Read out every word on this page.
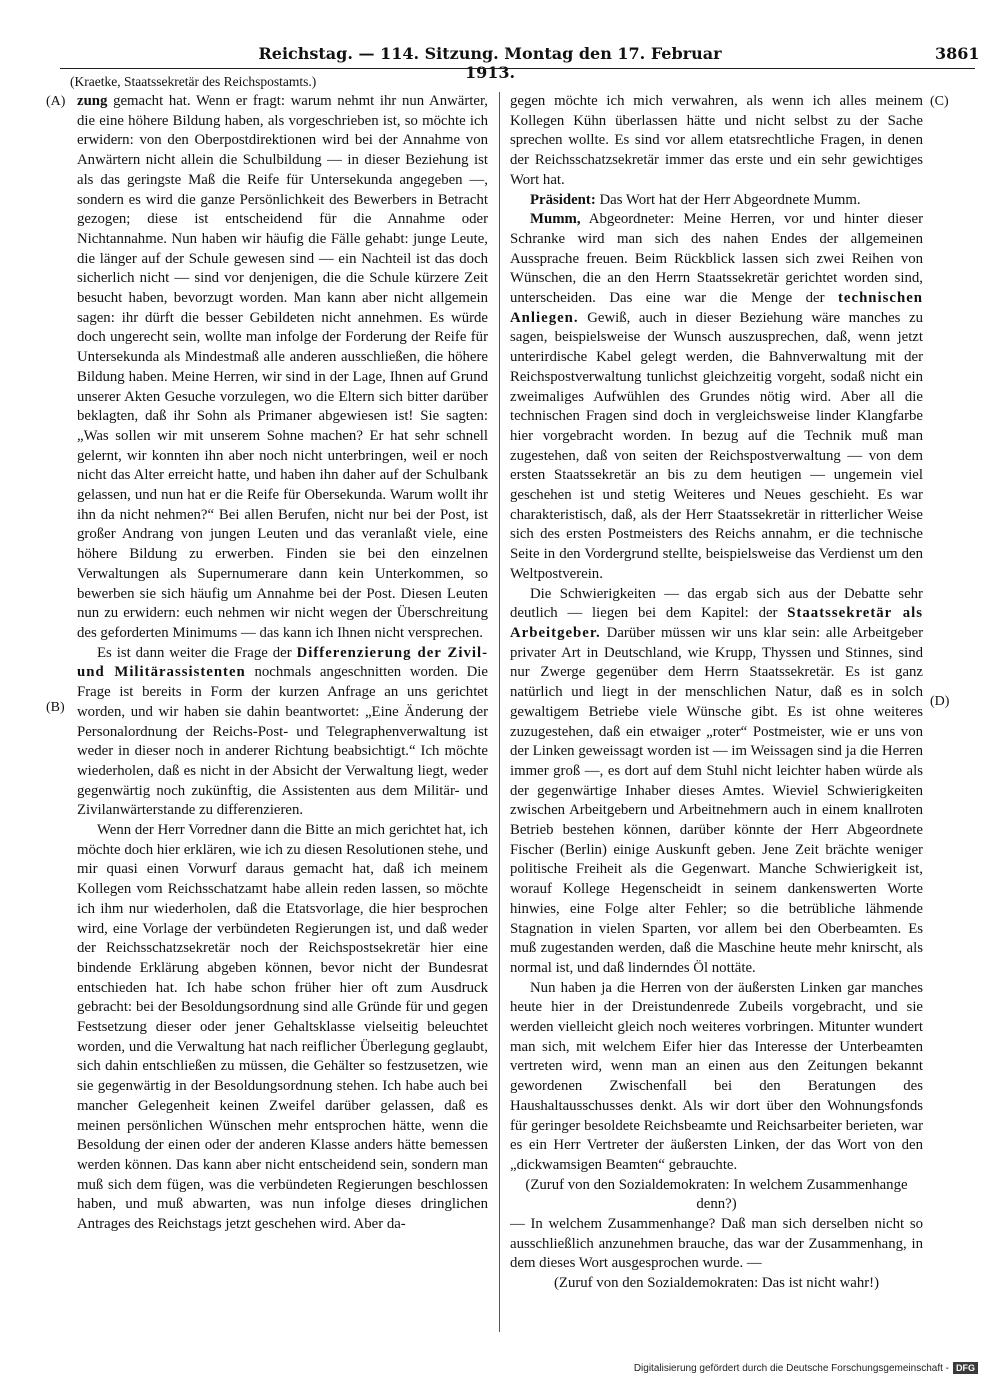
Reichstag. — 114. Sitzung. Montag den 17. Februar 1913.
3861
(Kraetke, Staatssekretär des Reichspostamts.)
(A)
(B)
(C)
(D)

zung gemacht hat. Wenn er fragt: warum nehmt ihr nun Anwärter, die eine höhere Bildung haben, als vorgeschrieben ist, so möchte ich erwidern: von den Oberpostdirektionen wird bei der Annahme von Anwärtern nicht allein die Schulbildung — in dieser Beziehung ist als das geringste Maß die Reife für Untersekunda angegeben —, sondern es wird die ganze Persönlichkeit des Bewerbers in Betracht gezogen; diese ist entscheidend für die Annahme oder Nichtannahme. Nun haben wir häufig die Fälle gehabt: junge Leute, die länger auf der Schule gewesen sind — ein Nachteil ist das doch sicherlich nicht — sind vor denjenigen, die die Schule kürzere Zeit besucht haben, bevorzugt worden. Man kann aber nicht allgemein sagen: ihr dürft die besser Gebildeten nicht annehmen. Es würde doch ungerecht sein, wollte man infolge der Forderung der Reife für Untersekunda als Mindestmaß alle anderen ausschließen, die höhere Bildung haben. Meine Herren, wir sind in der Lage, Ihnen auf Grund unserer Akten Gesuche vorzulegen, wo die Eltern sich bitter darüber beklagten, daß ihr Sohn als Primaner abgewiesen ist! Sie sagten: „Was sollen wir mit unserem Sohne machen? Er hat sehr schnell gelernt, wir konnten ihn aber noch nicht unterbringen, weil er noch nicht das Alter erreicht hatte, und haben ihn daher auf der Schulbank gelassen, und nun hat er die Reife für Obersekunda. Warum wollt ihr ihn da nicht nehmen?“ Bei allen Berufen, nicht nur bei der Post, ist großer Andrang von jungen Leuten und das veranlaßt viele, eine höhere Bildung zu erwerben. Finden sie bei den einzelnen Verwaltungen als Supernumerare dann kein Unterkommen, so bewerben sie sich häufig um Annahme bei der Post. Diesen Leuten nun zu erwidern: euch nehmen wir nicht wegen der Überschreitung des geforderten Minimums — das kann ich Ihnen nicht versprechen.

Es ist dann weiter die Frage der Differenzierung der Zivil- und Militärassistenten nochmals angeschnitten worden. Die Frage ist bereits in Form der kurzen Anfrage an uns gerichtet worden, und wir haben sie dahin beantwortet: „Eine Änderung der Personalordnung der Reichs-Post- und Telegraphenverwaltung ist weder in dieser noch in anderer Richtung beabsichtigt.“ Ich möchte wiederholen, daß es nicht in der Absicht der Verwaltung liegt, weder gegenwärtig noch zukünftig, die Assistenten aus dem Militär- und Zivilanwärterstande zu differenzieren.

Wenn der Herr Vorredner dann die Bitte an mich gerichtet hat, ich möchte doch hier erklären, wie ich zu diesen Resolutionen stehe, und mir quasi einen Vorwurf daraus gemacht hat, daß ich meinem Kollegen vom Reichsschatzamt habe allein reden lassen, so möchte ich ihm nur wiederholen, daß die Etatsvorlage, die hier besprochen wird, eine Vorlage der verbündeten Regierungen ist, und daß weder der Reichsschatzsekretär noch der Reichspostsekretär hier eine bindende Erklärung abgeben können, bevor nicht der Bundesrat entschieden hat. Ich habe schon früher hier oft zum Ausdruck gebracht: bei der Besoldungsordnung sind alle Gründe für und gegen Festsetzung dieser oder jener Gehaltsklasse vielseitig beleuchtet worden, und die Verwaltung hat nach reiflicher Überlegung geglaubt, sich dahin entschließen zu müssen, die Gehälter so festzusetzen, wie sie gegenwärtig in der Besoldungsordnung stehen. Ich habe auch bei mancher Gelegenheit keinen Zweifel darüber gelassen, daß es meinen persönlichen Wünschen mehr entsprochen hätte, wenn die Besoldung der einen oder der anderen Klasse anders hätte bemessen werden können. Das kann aber nicht entscheidend sein, sondern man muß sich dem fügen, was die verbündeten Regierungen beschlossen haben, und muß abwarten, was nun infolge dieses dringlichen Antrages des Reichstags jetzt geschehen wird. Aber da-

gegen möchte ich mich verwahren, als wenn ich alles meinem Kollegen Kühn überlassen hätte und nicht selbst zu der Sache sprechen wollte. Es sind vor allem etatsrechtliche Fragen, in denen der Reichsschatzsekretär immer das erste und ein sehr gewichtiges Wort hat.

Präsident: Das Wort hat der Herr Abgeordnete Mumm.

Mumm, Abgeordneter: Meine Herren, vor und hinter dieser Schranke wird man sich des nahen Endes der allgemeinen Aussprache freuen. Beim Rückblick lassen sich zwei Reihen von Wünschen, die an den Herrn Staatssekretär gerichtet worden sind, unterscheiden. Das eine war die Menge der technischen Anliegen. Gewiß, auch in dieser Beziehung wäre manches zu sagen, beispielsweise der Wunsch auszusprechen, daß, wenn jetzt unterirdische Kabel gelegt werden, die Bahnverwaltung mit der Reichspostverwaltung tunlichst gleichzeitig vorgeht, sodaß nicht ein zweimaliges Aufwühlen des Grundes nötig wird. Aber all die technischen Fragen sind doch in vergleichsweise linder Klangfarbe hier vorgebracht worden. In bezug auf die Technik muß man zugestehen, daß von seiten der Reichspostverwaltung — von dem ersten Staatssekretär an bis zu dem heutigen — ungemein viel geschehen ist und stetig Weiteres und Neues geschieht. Es war charakteristisch, daß, als der Herr Staatssekretär in ritterlicher Weise sich des ersten Postmeisters des Reichs annahm, er die technische Seite in den Vordergrund stellte, beispielsweise das Verdienst um den Weltpostverein.

Die Schwierigkeiten — das ergab sich aus der Debatte sehr deutlich — liegen bei dem Kapitel: der Staatssekretär als Arbeitgeber. Darüber müssen wir uns klar sein: alle Arbeitgeber privater Art in Deutschland, wie Krupp, Thyssen und Stinnes, sind nur Zwerge gegenüber dem Herrn Staatssekretär. Es ist ganz natürlich und liegt in der menschlichen Natur, daß es in solch gewaltigem Betriebe viele Wünsche gibt. Es ist ohne weiteres zuzugestehen, daß ein etwaiger „roter“ Postmeister, wie er uns von der Linken geweissagt worden ist — im Weissagen sind ja die Herren immer groß —, es dort auf dem Stuhl nicht leichter haben würde als der gegenwärtige Inhaber dieses Amtes. Wieviel Schwierigkeiten zwischen Arbeitgebern und Arbeitnehmern auch in einem knallroten Betrieb bestehen können, darüber könnte der Herr Abgeordnete Fischer (Berlin) einige Auskunft geben. Jene Zeit brächte weniger politische Freiheit als die Gegenwart. Manche Schwierigkeit ist, worauf Kollege Hegenscheidt in seinem dankenswerten Worte hinwies, eine Folge alter Fehler; so die betrübliche lähmende Stagnation in vielen Sparten, vor allem bei den Oberbeamten. Es muß zugestanden werden, daß die Maschine heute mehr knirscht, als normal ist, und daß linderndes Öl nottäte.

Nun haben ja die Herren von der äußersten Linken gar manches heute hier in der Dreistundenrede Zubeils vorgebracht, und sie werden vielleicht gleich noch weiteres vorbringen. Mitunter wundert man sich, mit welchem Eifer hier das Interesse der Unterbeamten vertreten wird, wenn man an einen aus den Zeitungen bekannt gewordenen Zwischenfall bei den Beratungen des Haushaltausschusses denkt. Als wir dort über den Wohnungsfonds für geringer besoldete Reichsbeamte und Reichsarbeiter berieten, war es ein Herr Vertreter der äußersten Linken, der das Wort von den „dickwamsigen Beamten“ gebrauchte.

(Zuruf von den Sozialdemokraten: In welchem Zusammenhange denn?)

— In welchem Zusammenhange? Daß man sich derselben nicht so ausschließlich anzunehmen brauche, das war der Zusammenhang, in dem dieses Wort ausgesprochen wurde. —

(Zuruf von den Sozialdemokraten: Das ist nicht wahr!)

Digitalisierung gefördert durch die Deutsche Forschungsgemeinschaft - DFG
